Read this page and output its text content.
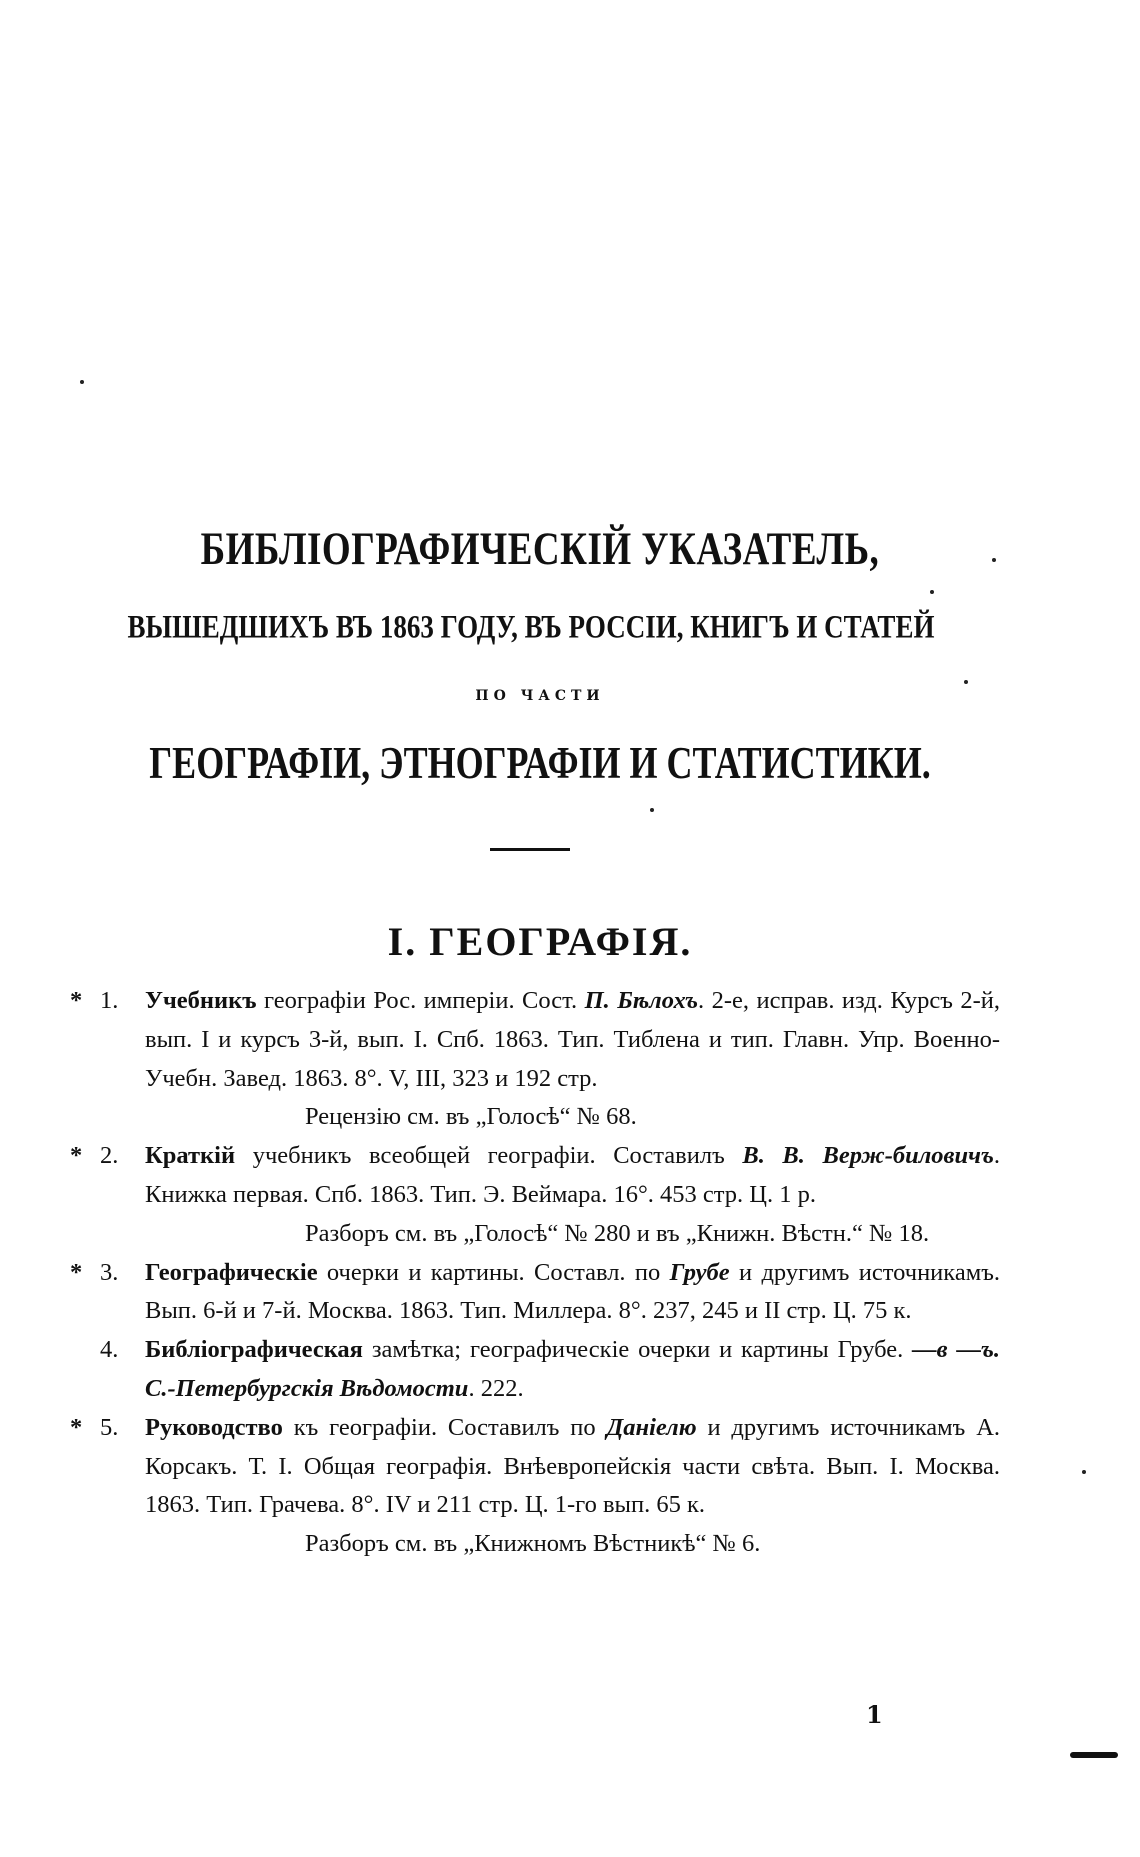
БИБЛІОГРАФИЧЕСКІЙ УКАЗАТЕЛЬ,
ВЫШЕДШИХЪ ВЪ 1863 ГОДУ, ВЪ РОССІИ, КНИГЪ И СТАТЕЙ
ПО ЧАСТИ
ГЕОГРАФІИ, ЭТНОГРАФІИ И СТАТИСТИКИ.
I. ГЕОГРАФІЯ.
* 1. Учебникъ географіи Рос. имперіи. Сост. П. Бѣлохъ. 2-е, исправ. изд. Курсъ 2-й, вып. I и курсъ 3-й, вып. I. Спб. 1863. Тип. Тиблена и тип. Главн. Упр. Военно-Учебн. Завед. 1863. 8°. V, III, 323 и 192 стр.
Рецензію см. въ „Голосѣ“ № 68.
* 2. Краткій учебникъ всеобщей географіи. Составилъ В. В. Верж-биловичъ. Книжка первая. Спб. 1863. Тип. Э. Веймара. 16°. 453 стр. Ц. 1 р.
Разборъ см. въ „Голосѣ“ № 280 и въ „Книжн. Вѣстн.“ № 18.
* 3. Географическіе очерки и картины. Составл. по Грубе и другимъ источникамъ. Вып. 6-й и 7-й. Москва. 1863. Тип. Миллера. 8°. 237, 245 и II стр. Ц. 75 к.
4. Библіографическая замѣтка; географическіе очерки и картины Грубе. —в —ъ. С.-Петербургскія Вѣдомости. 222.
* 5. Руководство къ географіи. Составилъ по Даніелю и другимъ источникамъ А. Корсакъ. Т. I. Общая географія. Внѣевропейскія части свѣта. Вып. I. Москва. 1863. Тип. Грачева. 8°. IV и 211 стр. Ц. 1-го вып. 65 к.
Разборъ см. въ „Книжномъ Вѣстникѣ“ № 6.
1
